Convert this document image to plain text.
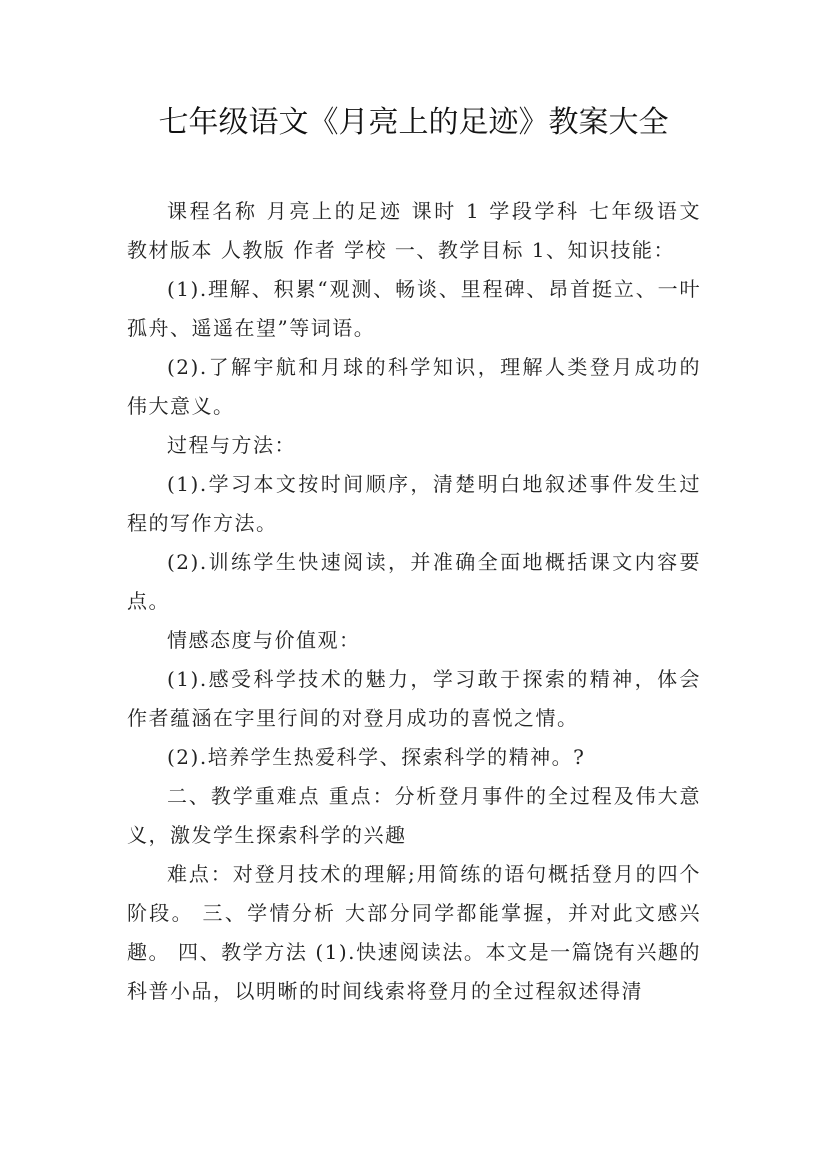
七年级语文《月亮上的足迹》教案大全

课程名称 月亮上的足迹 课时 1 学段学科 七年级语文 教材版本 人教版 作者 学校 一、教学目标 1、知识技能：

(1).理解、积累“观测、畅谈、里程碑、昂首挺立、一叶孤舟、遥遥在望”等词语。

(2).了解宇航和月球的科学知识，理解人类登月成功的伟大意义。

过程与方法：

(1).学习本文按时间顺序，清楚明白地叙述事件发生过程的写作方法。

(2).训练学生快速阅读，并准确全面地概括课文内容要点。

情感态度与价值观：

(1).感受科学技术的魅力，学习敢于探索的精神，体会作者蕴涵在字里行间的对登月成功的喜悦之情。

(2).培养学生热爱科学、探索科学的精神。?

二、教学重难点 重点：分析登月事件的全过程及伟大意义，激发学生探索科学的兴趣

难点：对登月技术的理解;用简练的语句概括登月的四个阶段。 三、学情分析 大部分同学都能掌握，并对此文感兴趣。 四、教学方法 (1).快速阅读法。本文是一篇饶有兴趣的科普小品，以明晰的时间线索将登月的全过程叙述得清
